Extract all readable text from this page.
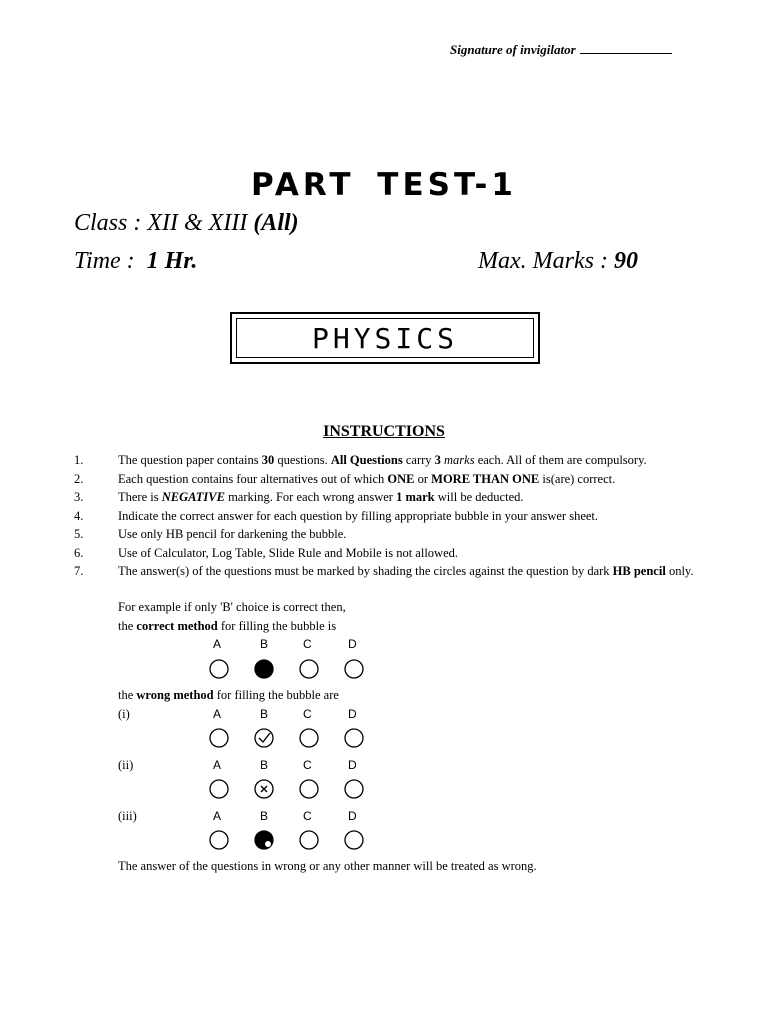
Signature of invigilator
PART TEST-1
Class : XII & XIII (All)
Time : 1 Hr.	Max. Marks : 90
PHYSICS
INSTRUCTIONS
1.	The question paper contains 30 questions. All Questions carry 3 marks each. All of them are compulsory.
2.	Each question contains four alternatives out of which ONE or MORE THAN ONE is(are) correct.
3.	There is NEGATIVE marking. For each wrong answer 1 mark will be deducted.
4.	Indicate the correct answer for each question by filling appropriate bubble in your answer sheet.
5.	Use only HB pencil for darkening the bubble.
6.	Use of Calculator, Log Table, Slide Rule and Mobile is not allowed.
7.	The answer(s) of the questions must be marked by shading the circles against the question by dark HB pencil only.
For example if only 'B' choice is correct then,
the correct method for filling the bubble is
A	B	C	D
the wrong method for filling the bubble are
(i)	A	B	C	D
(ii)	A	B	C	D
(iii)	A	B	C	D
The answer of the questions in wrong or any other manner will be treated as wrong.
